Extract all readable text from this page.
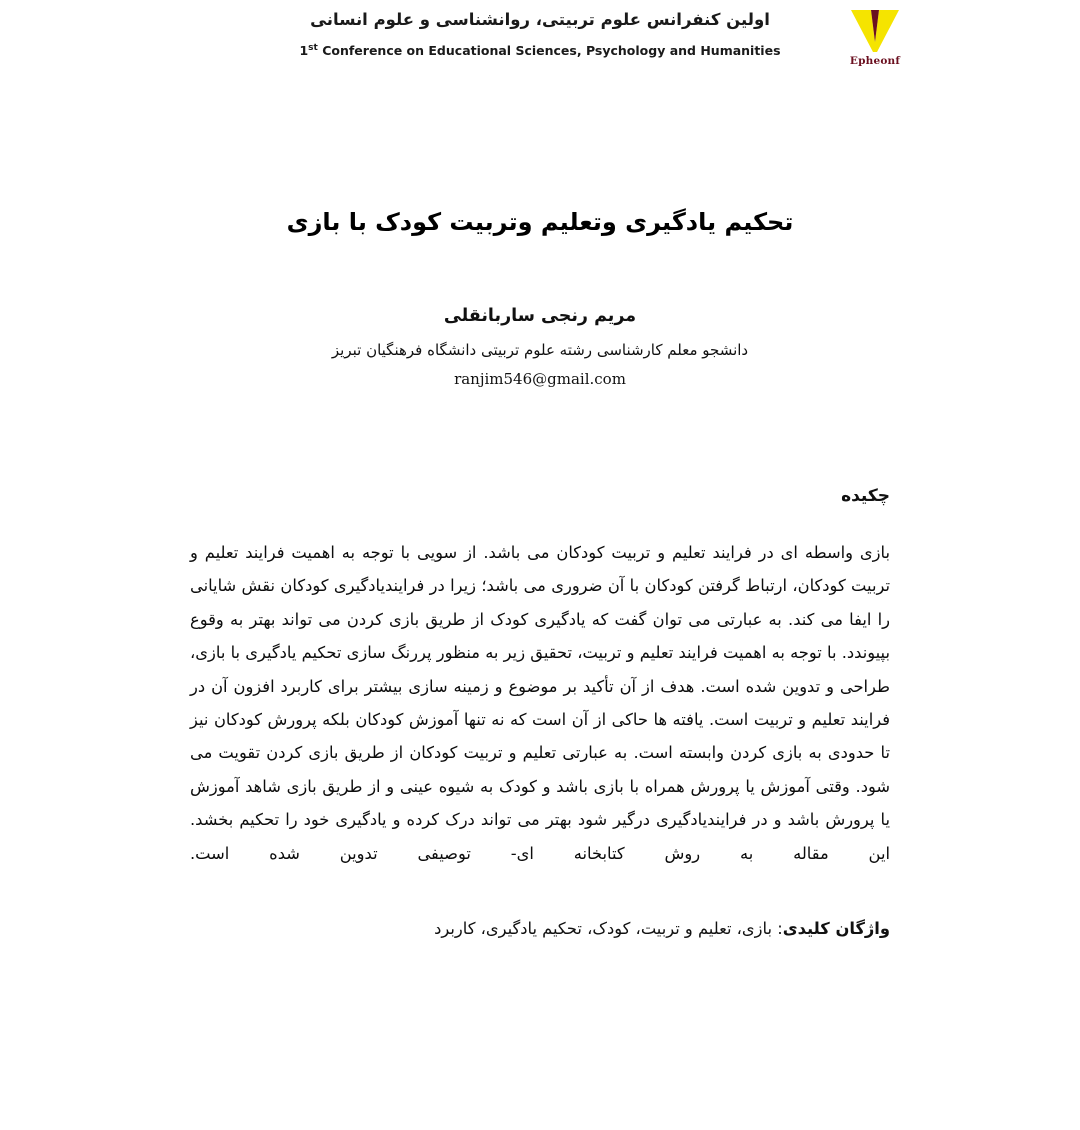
اولین کنفرانس علوم تربیتی، روانشناسی و علوم انسانی
1st Conference on Educational Sciences, Psychology and Humanities
Epheonf
تحکیم یادگیری وتعلیم وتربیت کودک با بازی
مریم رنجی ساربانقلی
دانشجو معلم کارشناسی رشته علوم تربیتی دانشگاه فرهنگیان تبریز
ranjim546@gmail.com
چکیده

بازی واسطه ای در فرایند تعلیم و تربیت کودکان می باشد. از سویی با توجه به اهمیت فرایند تعلیم و تربیت کودکان، ارتباط گرفتن کودکان با آن ضروری می باشد؛ زیرا در فرایندیادگیری کودکان نقش شایانی را ایفا می کند. به عبارتی می توان گفت که یادگیری کودک از طریق بازی کردن می تواند بهتر به وقوع بپیوندد. با توجه به اهمیت فرایند تعلیم و تربیت، تحقیق زیر به منظور پررنگ سازی تحکیم یادگیری با بازی، طراحی و تدوین شده است. هدف از آن تأکید بر موضوع و زمینه سازی بیشتر برای کاربرد افزون آن در فرایند تعلیم و تربیت است. یافته ها حاکی از آن است که نه تنها آموزش کودکان بلکه پرورش کودکان نیز تا حدودی به بازی کردن وابسته است. به عبارتی تعلیم و تربیت کودکان از طریق بازی کردن تقویت می شود. وقتی آموزش یا پرورش همراه با بازی باشد و کودک به شیوه عینی و از طریق بازی شاهد آموزش یا پرورش باشد و در فرایندیادگیری درگیر شود بهتر می تواند درک کرده و یادگیری خود را تحکیم بخشد. این مقاله به روش کتابخانه ای- توصیفی تدوین شده است.

واژگان کلیدی: بازی، تعلیم و تربیت، کودک، تحکیم یادگیری، کاربرد
